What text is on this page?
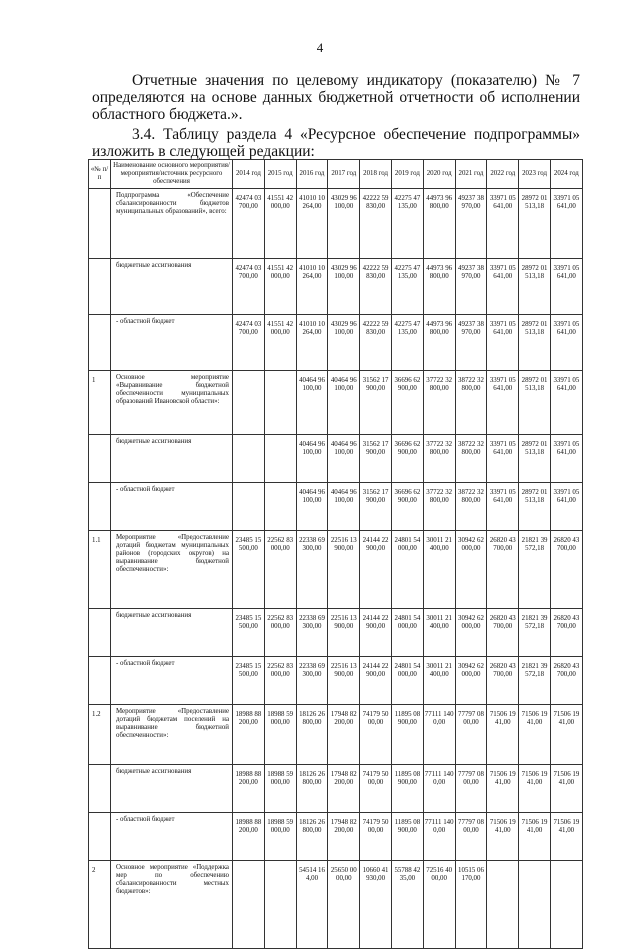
4
Отчетные значения по целевому индикатору (показателю) № 7
определяются на основе данных бюджетной отчетности об исполнении
областного бюджета.».
3.4. Таблицу раздела 4 «Ресурсное обеспечение подпрограммы»
изложить в следующей редакции:
«№ п/п	Наименование основного мероприятия/мероприятия/источник ресурсного обеспечения	2014 год	2015 год	2016 год	2017 год	2018 год	2019 год	2020 год	2021 год	2022 год	2023 год	2024 год
	Подпрограмма «Обеспечение сбалансированности бюджетов муниципальных образований», всего:	42474 03700,00	41551 42000,00	41010 10264,00	43029 96100,00	42222 59830,00	42275 47135,00	44973 96800,00	49237 38970,00	33971 05641,00	28972 01513,18	33971 05641,00
	бюджетные ассигнования	42474 03700,00	41551 42000,00	41010 10264,00	43029 96100,00	42222 59830,00	42275 47135,00	44973 96800,00	49237 38970,00	33971 05641,00	28972 01513,18	33971 05641,00
	- областной бюджет	42474 03700,00	41551 42000,00	41010 10264,00	43029 96100,00	42222 59830,00	42275 47135,00	44973 96800,00	49237 38970,00	33971 05641,00	28972 01513,18	33971 05641,00
1	Основное мероприятие «Выравнивание бюджетной обеспеченности муниципальных образований Ивановской области»:			40464 96100,00	40464 96100,00	31562 17900,00	36696 62900,00	37722 32800,00	38722 32800,00	33971 05641,00	28972 01513,18	33971 05641,00
	бюджетные ассигнования			40464 96100,00	40464 96100,00	31562 17900,00	36696 62900,00	37722 32800,00	38722 32800,00	33971 05641,00	28972 01513,18	33971 05641,00
	- областной бюджет			40464 96100,00	40464 96100,00	31562 17900,00	36696 62900,00	37722 32800,00	38722 32800,00	33971 05641,00	28972 01513,18	33971 05641,00
1.1	Мероприятие «Предоставление дотаций бюджетам муниципальных районов (городских округов) на выравнивание бюджетной обеспеченности»:	23485 15500,00	22562 83000,00	22338 69300,00	22516 13900,00	24144 22900,00	24801 54000,00	30011 21400,00	30942 62000,00	26820 43700,00	21821 39572,18	26820 43700,00
	бюджетные ассигнования	23485 15500,00	22562 83000,00	22338 69300,00	22516 13900,00	24144 22900,00	24801 54000,00	30011 21400,00	30942 62000,00	26820 43700,00	21821 39572,18	26820 43700,00
	- областной бюджет	23485 15500,00	22562 83000,00	22338 69300,00	22516 13900,00	24144 22900,00	24801 54000,00	30011 21400,00	30942 62000,00	26820 43700,00	21821 39572,18	26820 43700,00
1.2	Мероприятие «Предоставление дотаций бюджетам поселений на выравнивание бюджетной обеспеченности»:	18988 88200,00	18988 59000,00	18126 26800,00	17948 82200,00	74179 5000,00	11895 08900,00	77111 1400,00	77797 0800,00	71506 1941,00	71506 1941,00	71506 1941,00
	бюджетные ассигнования	18988 88200,00	18988 59000,00	18126 26800,00	17948 82200,00	74179 5000,00	11895 08900,00	77111 1400,00	77797 0800,00	71506 1941,00	71506 1941,00	71506 1941,00
	- областной бюджет	18988 88200,00	18988 59000,00	18126 26800,00	17948 82200,00	74179 5000,00	11895 08900,00	77111 1400,00	77797 0800,00	71506 1941,00	71506 1941,00	71506 1941,00
2	Основное мероприятие «Поддержка мер по обеспечению сбалансированности местных бюджетов»:			54514 164,00	25650 0000,00	10660 41930,00	55788 4235,00	72516 4000,00	10515 06170,00			
